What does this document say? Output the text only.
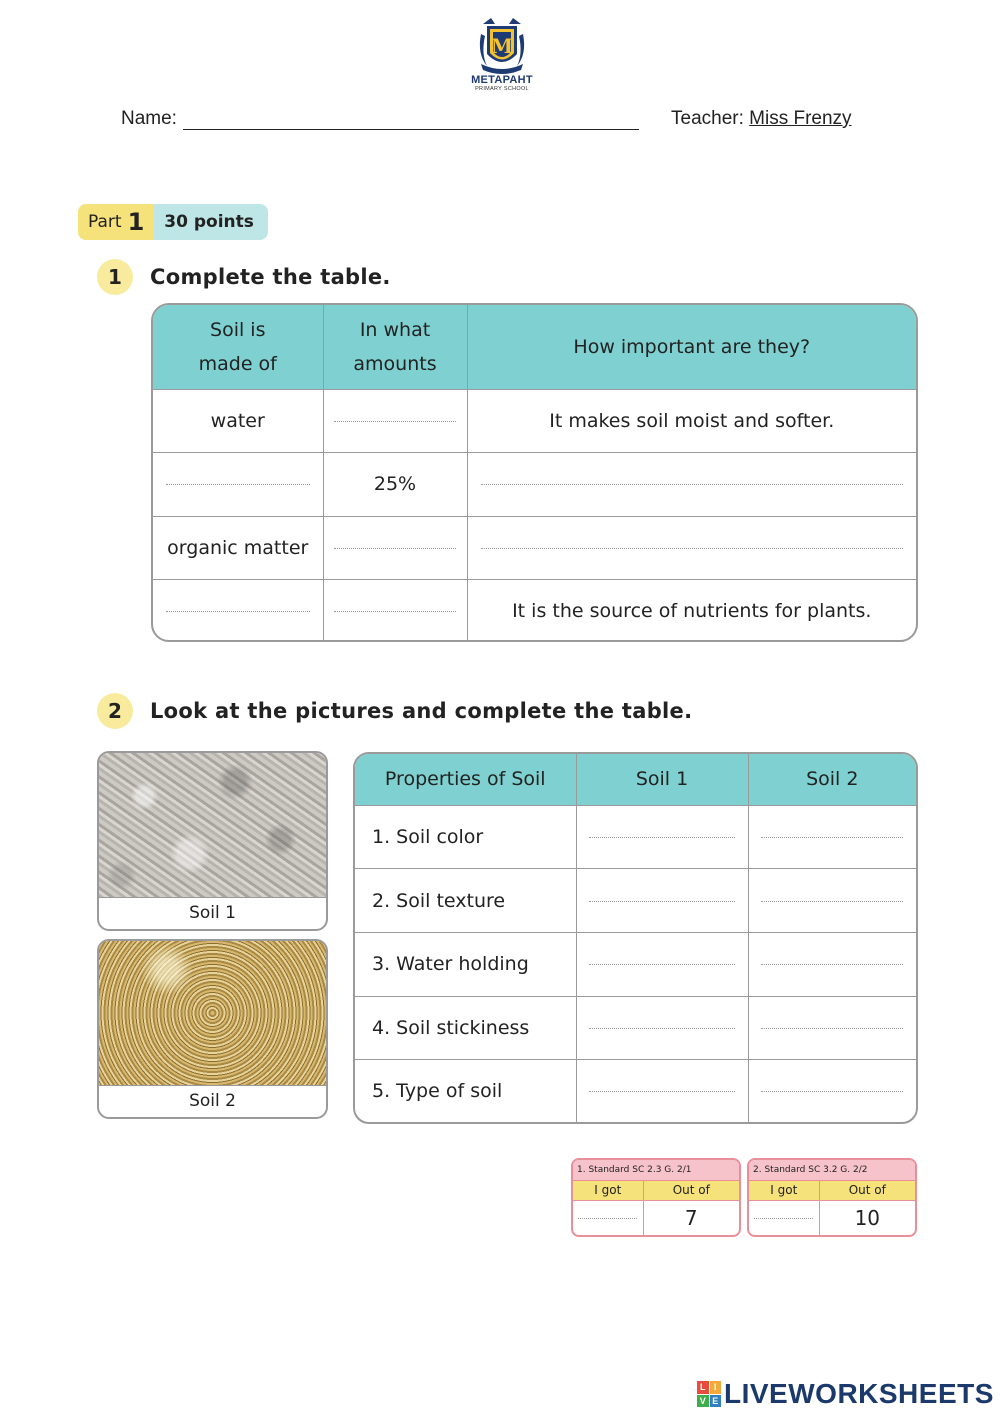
M
METAPAHT
PRIMARY SCHOOL
Name:	Teacher: Miss Frenzy
Part 1	30 points
1	Complete the table.
Soil is made of	In what amounts	How important are they?
water		It makes soil moist and softer.
	25%	
organic matter		
		It is the source of nutrients for plants.
2	Look at the pictures and complete the table.
Soil 1
Soil 2
Properties of Soil	Soil 1	Soil 2
1. Soil color		
2. Soil texture		
3. Water holding		
4. Soil stickiness		
5. Type of soil		
1. Standard SC 2.3 G. 2/1	
I got	Out of
	7
2. Standard SC 3.2 G. 2/2	
I got	Out of
	10
L I
V E LIVEWORKSHEETS
